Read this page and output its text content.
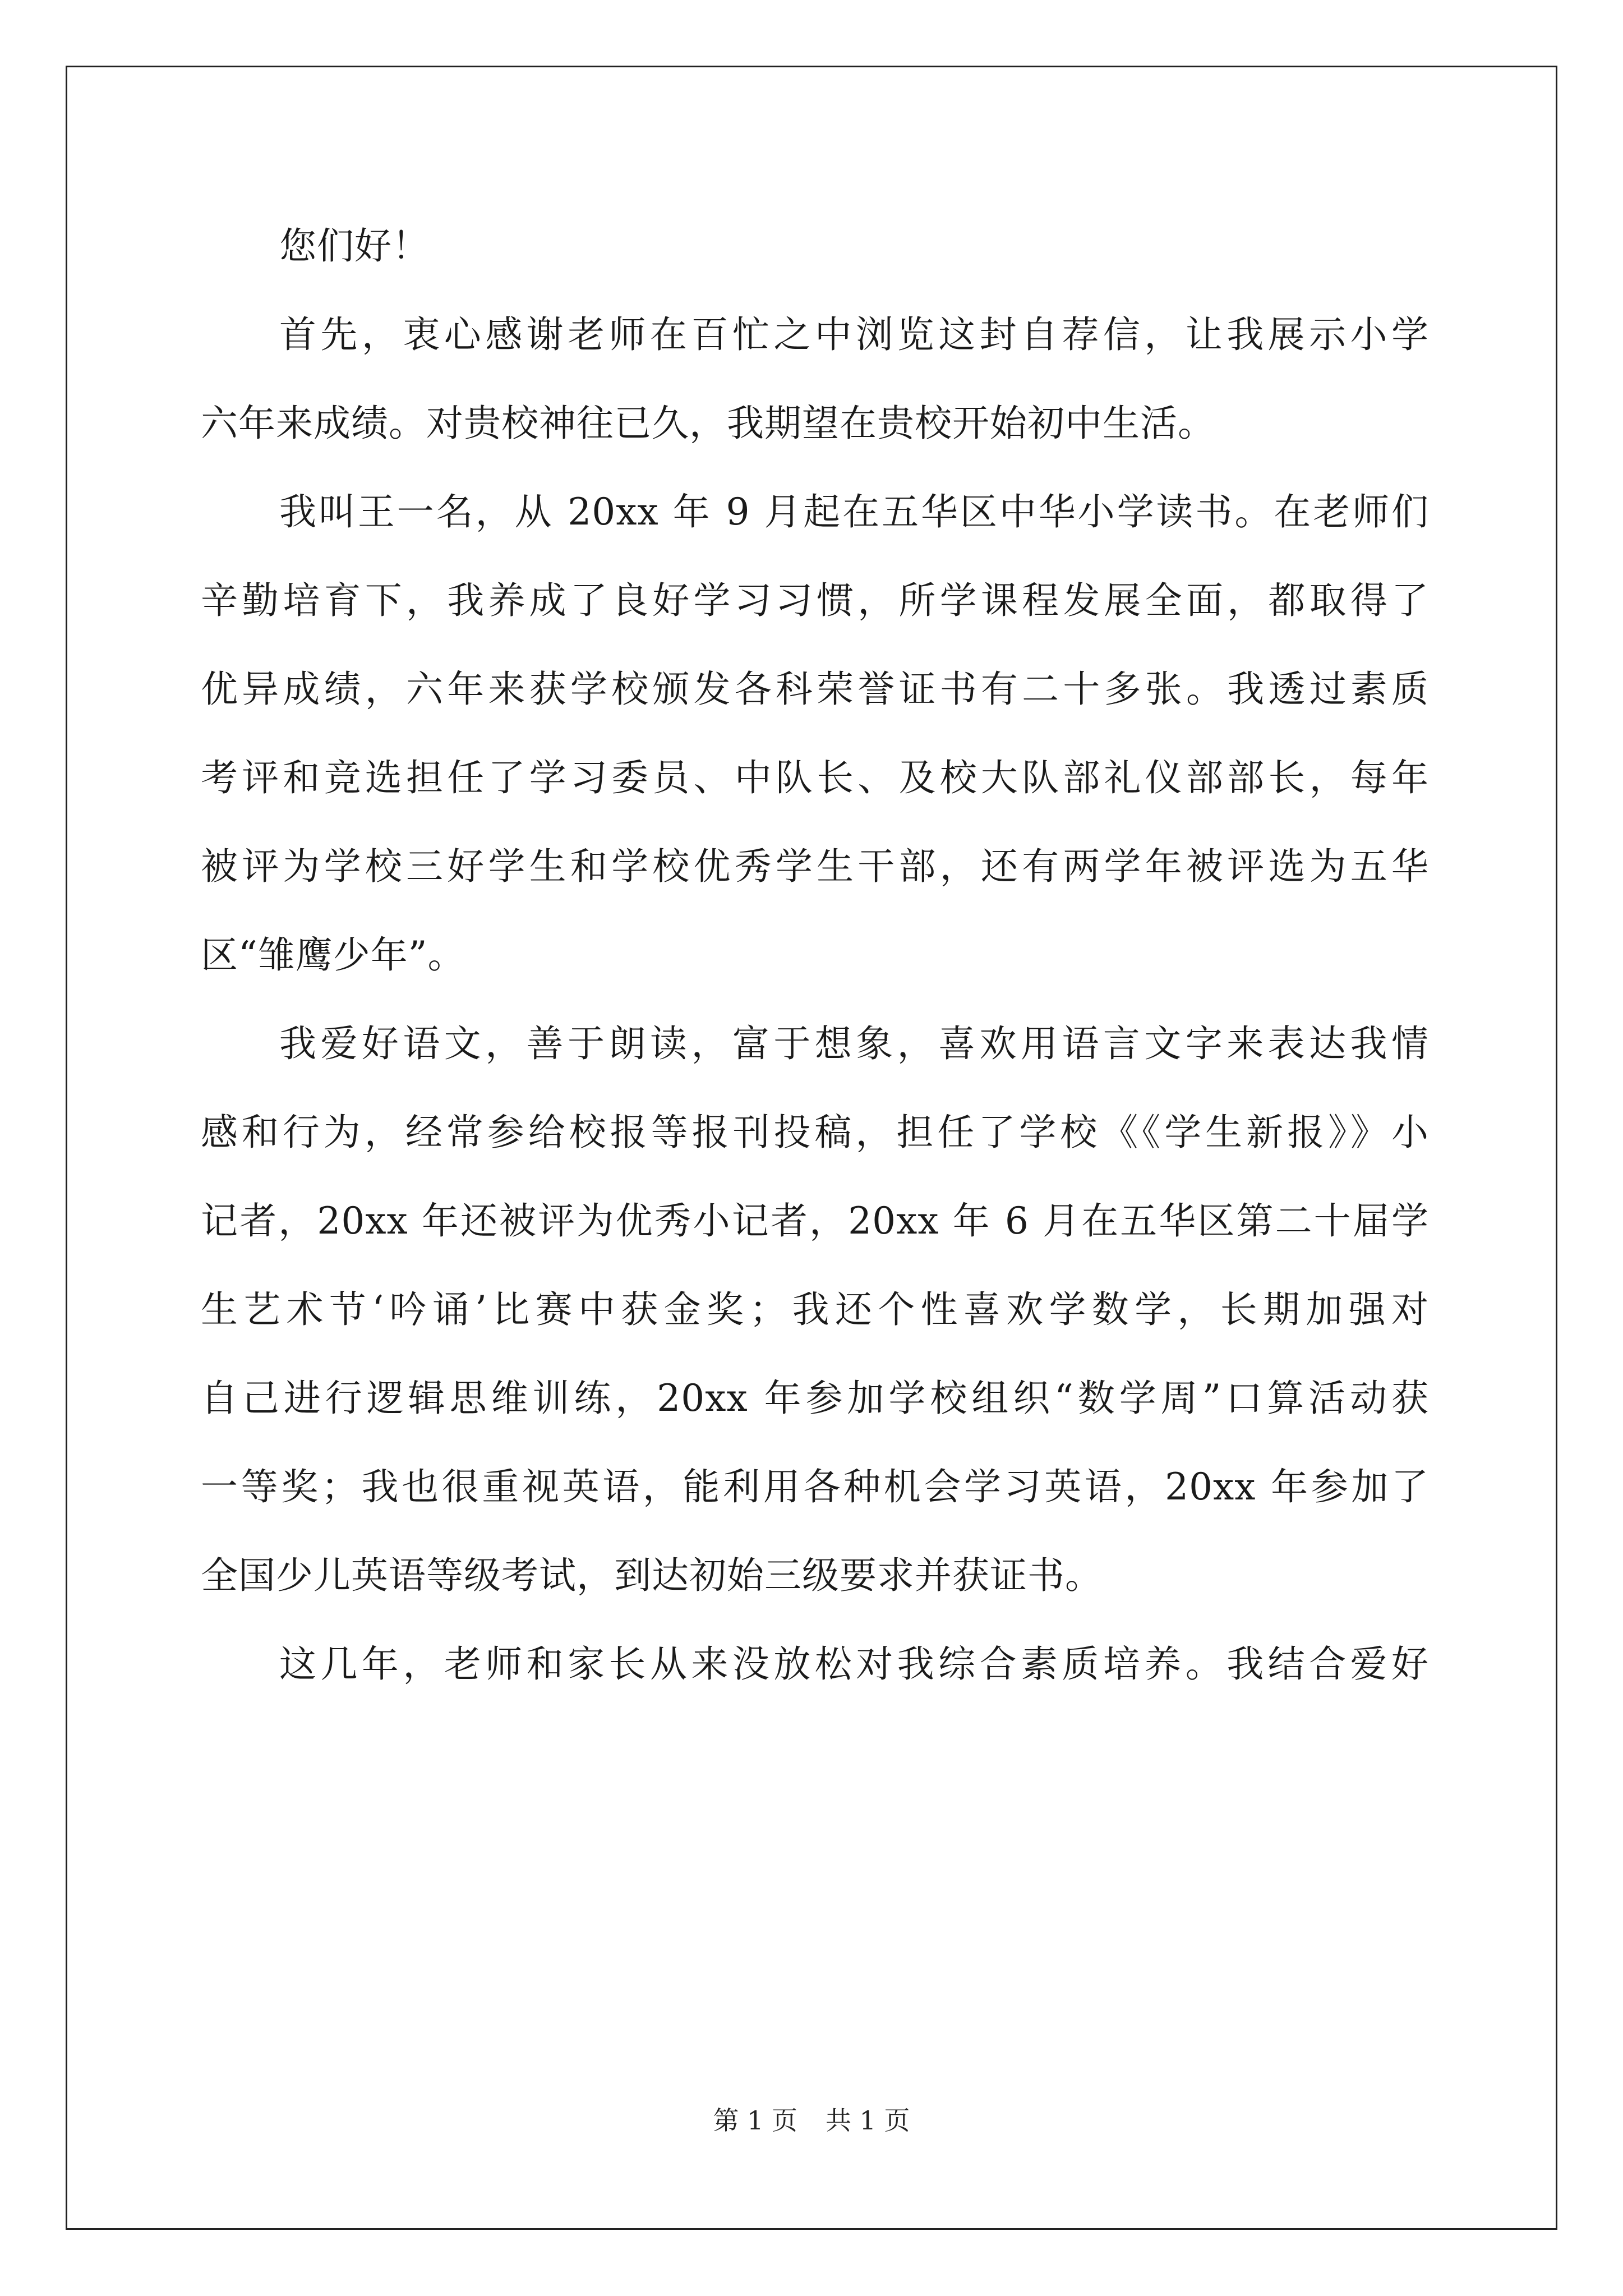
您们好！
首先，衷心感谢老师在百忙之中浏览这封自荐信，让我展示小学
六年来成绩。对贵校神往已久，我期望在贵校开始初中生活。
我叫王一名，从 20xx 年 9 月起在五华区中华小学读书。在老师们
辛勤培育下，我养成了良好学习习惯，所学课程发展全面，都取得了
优异成绩，六年来获学校颁发各科荣誉证书有二十多张。我透过素质
考评和竞选担任了学习委员、中队长、及校大队部礼仪部部长，每年
被评为学校三好学生和学校优秀学生干部，还有两学年被评选为五华
区“雏鹰少年”。
我爱好语文，善于朗读，富于想象，喜欢用语言文字来表达我情
感和行为，经常参给校报等报刊投稿，担任了学校《《学生新报》》小
记者，20xx 年还被评为优秀小记者，20xx 年 6 月在五华区第二十届学
生艺术节‘吟诵’比赛中获金奖；我还个性喜欢学数学，长期加强对
自己进行逻辑思维训练，20xx 年参加学校组织“数学周”口算活动获
一等奖；我也很重视英语，能利用各种机会学习英语，20xx 年参加了
全国少儿英语等级考试，到达初始三级要求并获证书。
这几年，老师和家长从来没放松对我综合素质培养。我结合爱好
第 1 页 共 1 页
